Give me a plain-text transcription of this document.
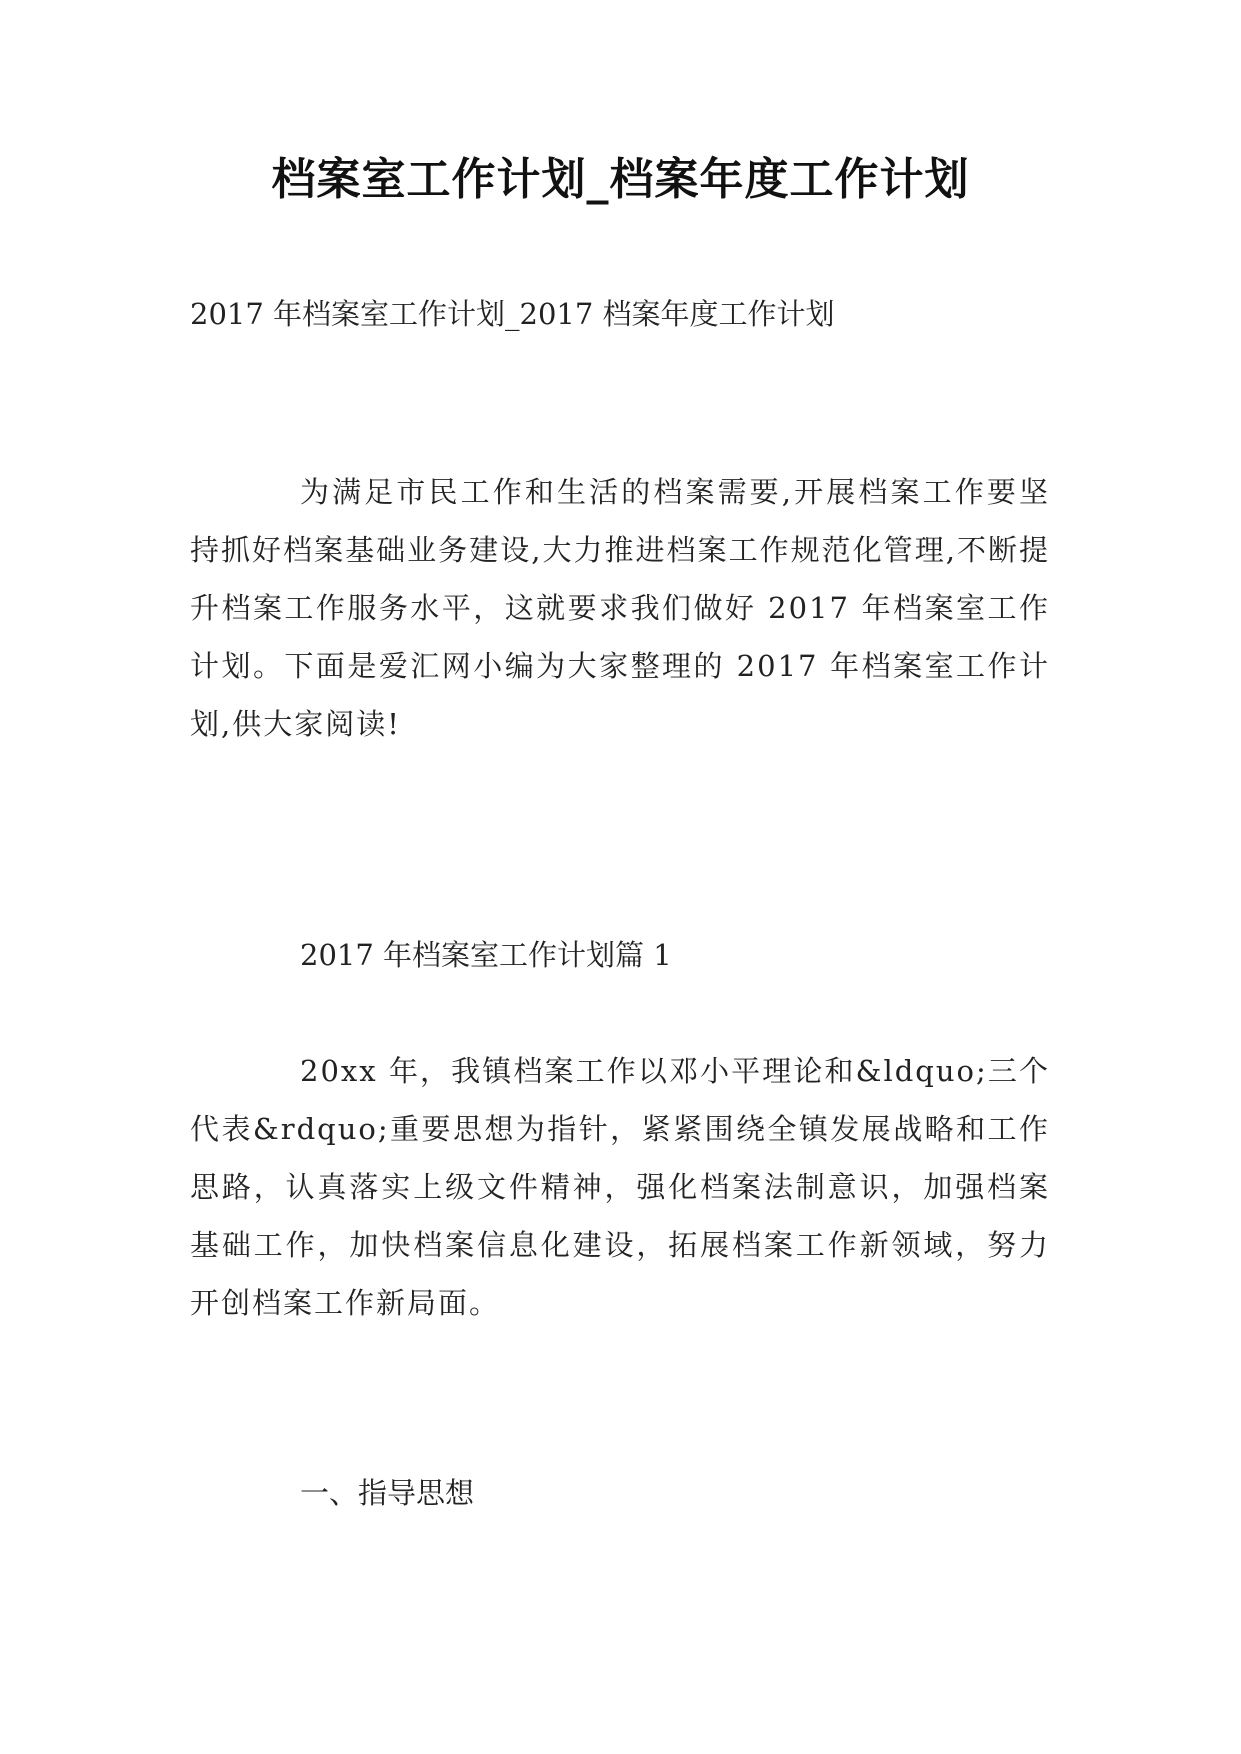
档案室工作计划_档案年度工作计划
2017 年档案室工作计划_2017 档案年度工作计划

为满足市民工作和生活的档案需要,开展档案工作要坚持抓好档案基础业务建设,大力推进档案工作规范化管理,不断提升档案工作服务水平，这就要求我们做好 2017 年档案室工作计划。下面是爱汇网小编为大家整理的 2017 年档案室工作计划,供大家阅读!

2017 年档案室工作计划篇 1

20xx 年，我镇档案工作以邓小平理论和&ldquo;三个代表&rdquo;重要思想为指针，紧紧围绕全镇发展战略和工作思路，认真落实上级文件精神，强化档案法制意识，加强档案基础工作，加快档案信息化建设，拓展档案工作新领域，努力开创档案工作新局面。

一、指导思想
